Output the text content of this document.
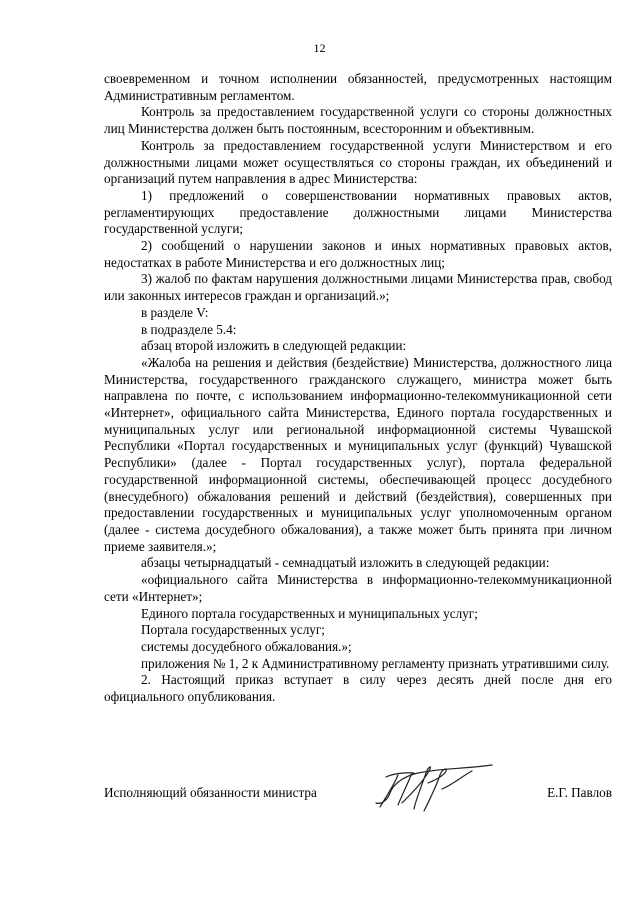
12

своевременном и точном исполнении обязанностей, предусмотренных настоящим Административным регламентом.

Контроль за предоставлением государственной услуги со стороны должностных лиц Министерства должен быть постоянным, всесторонним и объективным.

Контроль за предоставлением государственной услуги Министерством и его должностными лицами может осуществляться со стороны граждан, их объединений и организаций путем направления в адрес Министерства:

1) предложений о совершенствовании нормативных правовых актов, регламентирующих предоставление должностными лицами Министерства государственной услуги;

2) сообщений о нарушении законов и иных нормативных правовых актов, недостатках в работе Министерства и его должностных лиц;

3) жалоб по фактам нарушения должностными лицами Министерства прав, свобод или законных интересов граждан и организаций.»;

в разделе V:

в подразделе 5.4:

абзац второй изложить в следующей редакции:

«Жалоба на решения и действия (бездействие) Министерства, должностного лица Министерства, государственного гражданского служащего, министра может быть направлена по почте, с использованием информационно-телекоммуникационной сети «Интернет», официального сайта Министерства, Единого портала государственных и муниципальных услуг или региональной информационной системы Чувашской Республики «Портал государственных и муниципальных услуг (функций) Чувашской Республики» (далее - Портал государственных услуг), портала федеральной государственной информационной системы, обеспечивающей процесс досудебного (внесудебного) обжалования решений и действий (бездействия), совершенных при предоставлении государственных и муниципальных услуг уполномоченным органом (далее - система досудебного обжалования), а также может быть принята при личном приеме заявителя.»;

абзацы четырнадцатый - семнадцатый изложить в следующей редакции:

«официального сайта Министерства в информационно-телекоммуникационной сети «Интернет»;

Единого портала государственных и муниципальных услуг;

Портала государственных услуг;

системы досудебного обжалования.»;

приложения № 1, 2 к Административному регламенту признать утратившими силу.

2. Настоящий приказ вступает в силу через десять дней после дня его официального опубликования.

Исполняющий обязанности министра	Е.Г. Павлов
